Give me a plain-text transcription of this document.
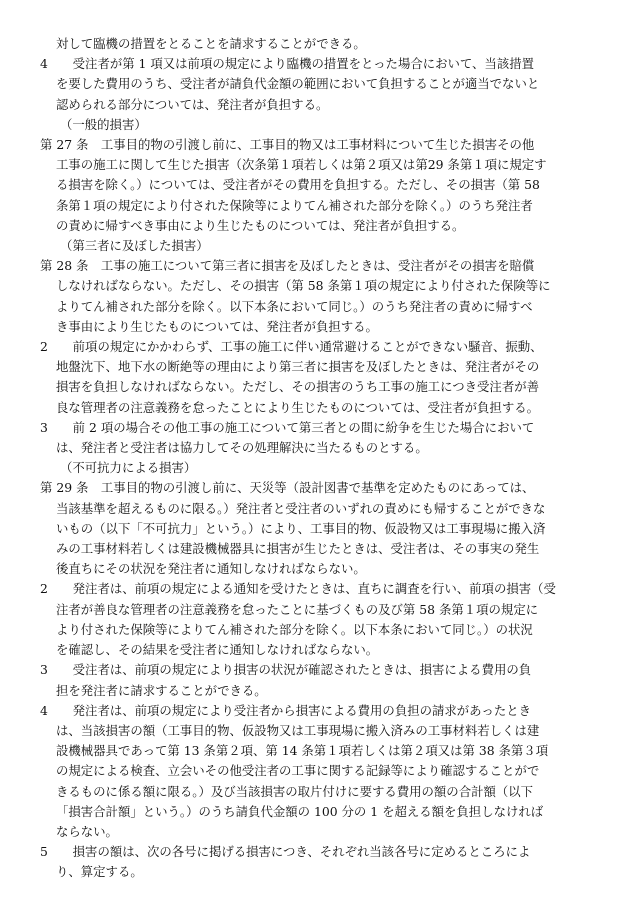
対して臨機の措置をとることを請求することができる。
4　　受注者が第 1 項又は前項の規定により臨機の措置をとった場合において、当該措置
を要した費用のうち、受注者が請負代金額の範囲において負担することが適当でないと
認められる部分については、発注者が負担する。
（一般的損害）
第 27 条　工事目的物の引渡し前に、工事目的物又は工事材料について生じた損害その他
工事の施工に関して生じた損害（次条第１項若しくは第２項又は第29 条第１項に規定す
る損害を除く。）については、受注者がその費用を負担する。ただし、その損害（第 58
条第１項の規定により付された保険等によりてん補された部分を除く。）のうち発注者
の責めに帰すべき事由により生じたものについては、発注者が負担する。
（第三者に及ぼした損害）
第 28 条　工事の施工について第三者に損害を及ぼしたときは、受注者がその損害を賠償
しなければならない。ただし、その損害（第 58 条第１項の規定により付された保険等に
よりてん補された部分を除く。以下本条において同じ。）のうち発注者の責めに帰すべ
き事由により生じたものについては、発注者が負担する。
2　　前項の規定にかかわらず、工事の施工に伴い通常避けることができない騒音、振動、
地盤沈下、地下水の断絶等の理由により第三者に損害を及ぼしたときは、発注者がその
損害を負担しなければならない。ただし、その損害のうち工事の施工につき受注者が善
良な管理者の注意義務を怠ったことにより生じたものについては、受注者が負担する。
3　　前 2 項の場合その他工事の施工について第三者との間に紛争を生じた場合において
は、発注者と受注者は協力してその処理解決に当たるものとする。
（不可抗力による損害）
第 29 条　工事目的物の引渡し前に、天災等（設計図書で基準を定めたものにあっては、
当該基準を超えるものに限る。）発注者と受注者のいずれの責めにも帰することができな
いもの（以下「不可抗力」という。）により、工事目的物、仮設物又は工事現場に搬入済
みの工事材料若しくは建設機械器具に損害が生じたときは、受注者は、その事実の発生
後直ちにその状況を発注者に通知しなければならない。
2　　発注者は、前項の規定による通知を受けたときは、直ちに調査を行い、前項の損害（受
注者が善良な管理者の注意義務を怠ったことに基づくもの及び第 58 条第１項の規定に
より付された保険等によりてん補された部分を除く。以下本条において同じ。）の状況
を確認し、その結果を受注者に通知しなければならない。
3　　受注者は、前項の規定により損害の状況が確認されたときは、損害による費用の負
担を発注者に請求することができる。
4　　発注者は、前項の規定により受注者から損害による費用の負担の請求があったとき
は、当該損害の額（工事目的物、仮設物又は工事現場に搬入済みの工事材料若しくは建
設機械器具であって第 13 条第２項、第 14 条第１項若しくは第２項又は第 38 条第３項
の規定による検査、立会いその他受注者の工事に関する記録等により確認することがで
きるものに係る額に限る。）及び当該損害の取片付けに要する費用の額の合計額（以下
「損害合計額」という。）のうち請負代金額の 100 分の 1 を超える額を負担しなければ
ならない。
5　　損害の額は、次の各号に掲げる損害につき、それぞれ当該各号に定めるところによ
り、算定する。
